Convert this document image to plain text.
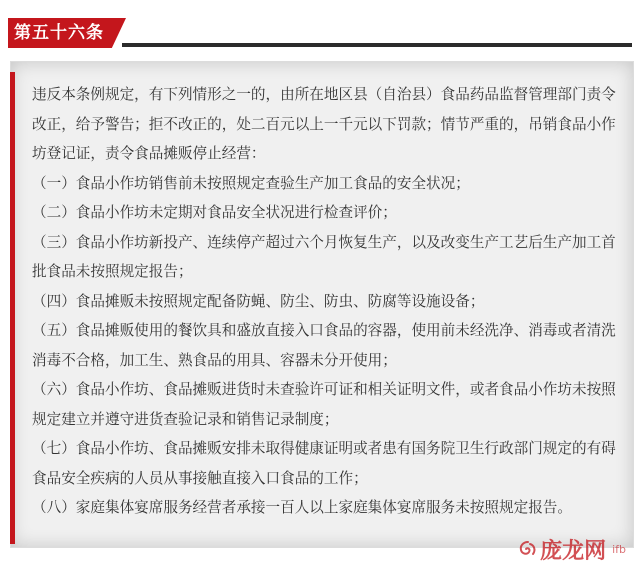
第五十六条

违反本条例规定，有下列情形之一的，由所在地区县（自治县）食品药品监督管理部门责令改正，给予警告；拒不改正的，处二百元以上一千元以下罚款；情节严重的，吊销食品小作坊登记证，责令食品摊贩停止经营：

（一）食品小作坊销售前未按照规定查验生产加工食品的安全状况；

（二）食品小作坊未定期对食品安全状况进行检查评价；

（三）食品小作坊新投产、连续停产超过六个月恢复生产，以及改变生产工艺后生产加工首批食品未按照规定报告；

（四）食品摊贩未按照规定配备防蝇、防尘、防虫、防腐等设施设备；

（五）食品摊贩使用的餐饮具和盛放直接入口食品的容器，使用前未经洗净、消毒或者清洗消毒不合格，加工生、熟食品的用具、容器未分开使用；

（六）食品小作坊、食品摊贩进货时未查验许可证和相关证明文件，或者食品小作坊未按照规定建立并遵守进货查验记录和销售记录制度；

（七）食品小作坊、食品摊贩安排未取得健康证明或者患有国务院卫生行政部门规定的有碍食品安全疾病的人员从事接触直接入口食品的工作；

（八）家庭集体宴席服务经营者承接一百人以上家庭集体宴席服务未按照规定报告。

庞龙网 ifb
